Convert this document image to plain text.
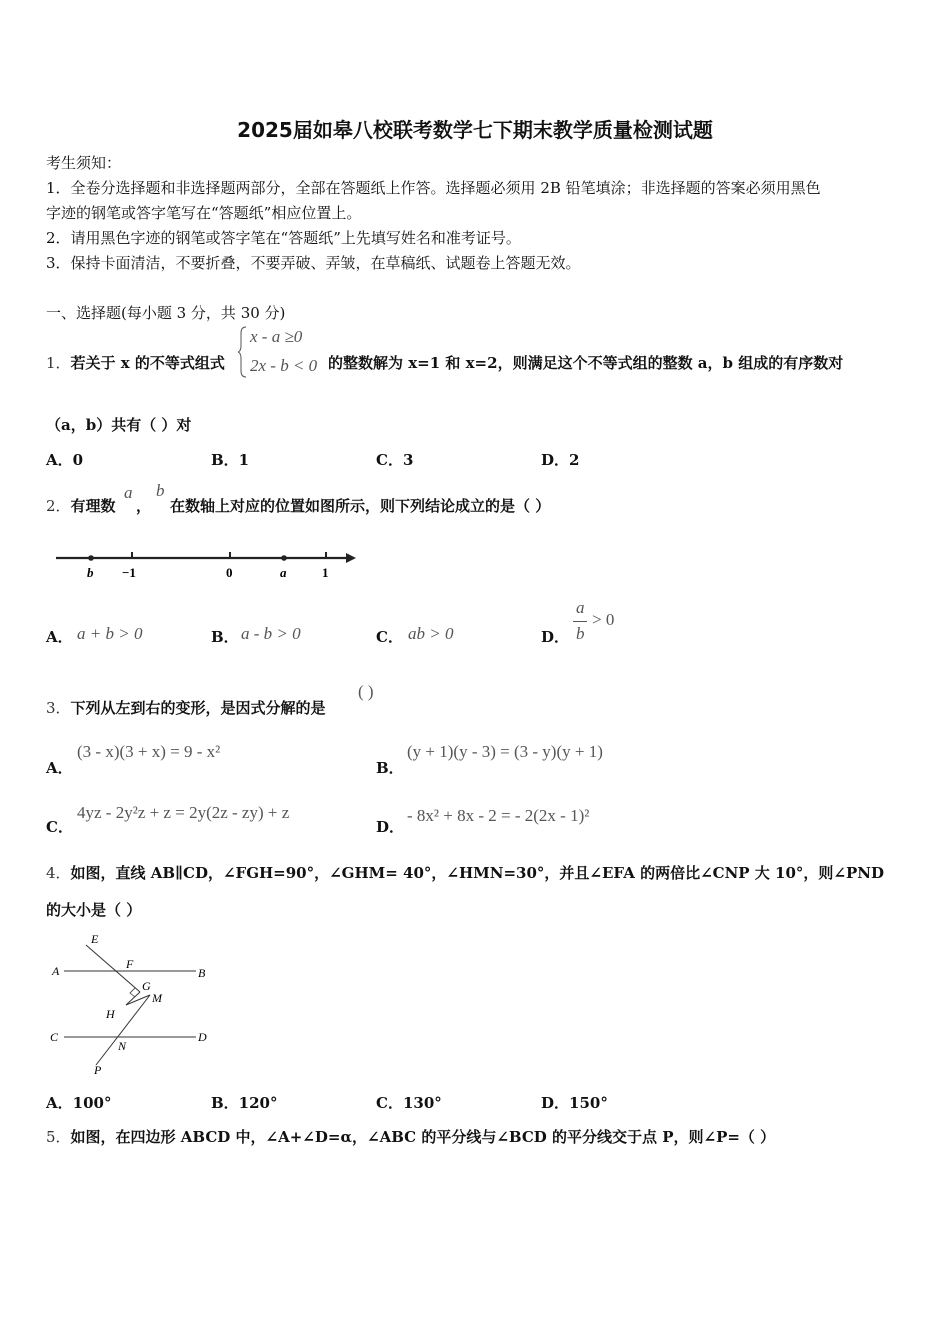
2025届如皋八校联考数学七下期末教学质量检测试题
考生须知：
1．全卷分选择题和非选择题两部分，全部在答题纸上作答。选择题必须用 2B 铅笔填涂；非选择题的答案必须用黑色
字迹的钢笔或答字笔写在“答题纸”相应位置上。
2．请用黑色字迹的钢笔或答字笔在“答题纸”上先填写姓名和准考证号。
3．保持卡面清洁，不要折叠，不要弄破、弄皱，在草稿纸、试题卷上答题无效。
一、选择题(每小题 3 分，共 30 分)
1．若关于 x 的不等式组式
x - a ≥0
2x - b < 0 的整数解为 x=1 和 x=2，则满足这个不等式组的整数 a，b 组成的有序数对
（a，b）共有（ ）对
A．0	B．1	C．3	D．2
2．有理数
a
，
b
在数轴上对应的位置如图所示，则下列结论成立的是（ ）
b −1	0	a	1
A． a + b > 0	B． a - b > 0	C． ab > 0	D．
a
b
> 0
3．下列从左到右的变形，是因式分解的是
( )
A．
(3 - x)(3 + x) = 9 - x²
B．
(y + 1)(y - 3) = (3 - y)(y + 1)
C．
4yz - 2y²z + z = 2y(2z - zy) + z
D．
- 8x² + 8x - 2 = - 2(2x - 1)²
4．如图，直线 AB∥CD，∠FGH=90°，∠GHM= 40°，∠HMN=30°，并且∠EFA 的两倍比∠CNP 大 10°，则∠PND
的大小是（ ）
E
F
A	B
G
M
H
C	D
N
P
A．100°	B．120°	C．130°	D．150°
5．如图，在四边形 ABCD 中，∠A+∠D=α，∠ABC 的平分线与∠BCD 的平分线交于点 P，则∠P=（ ）
